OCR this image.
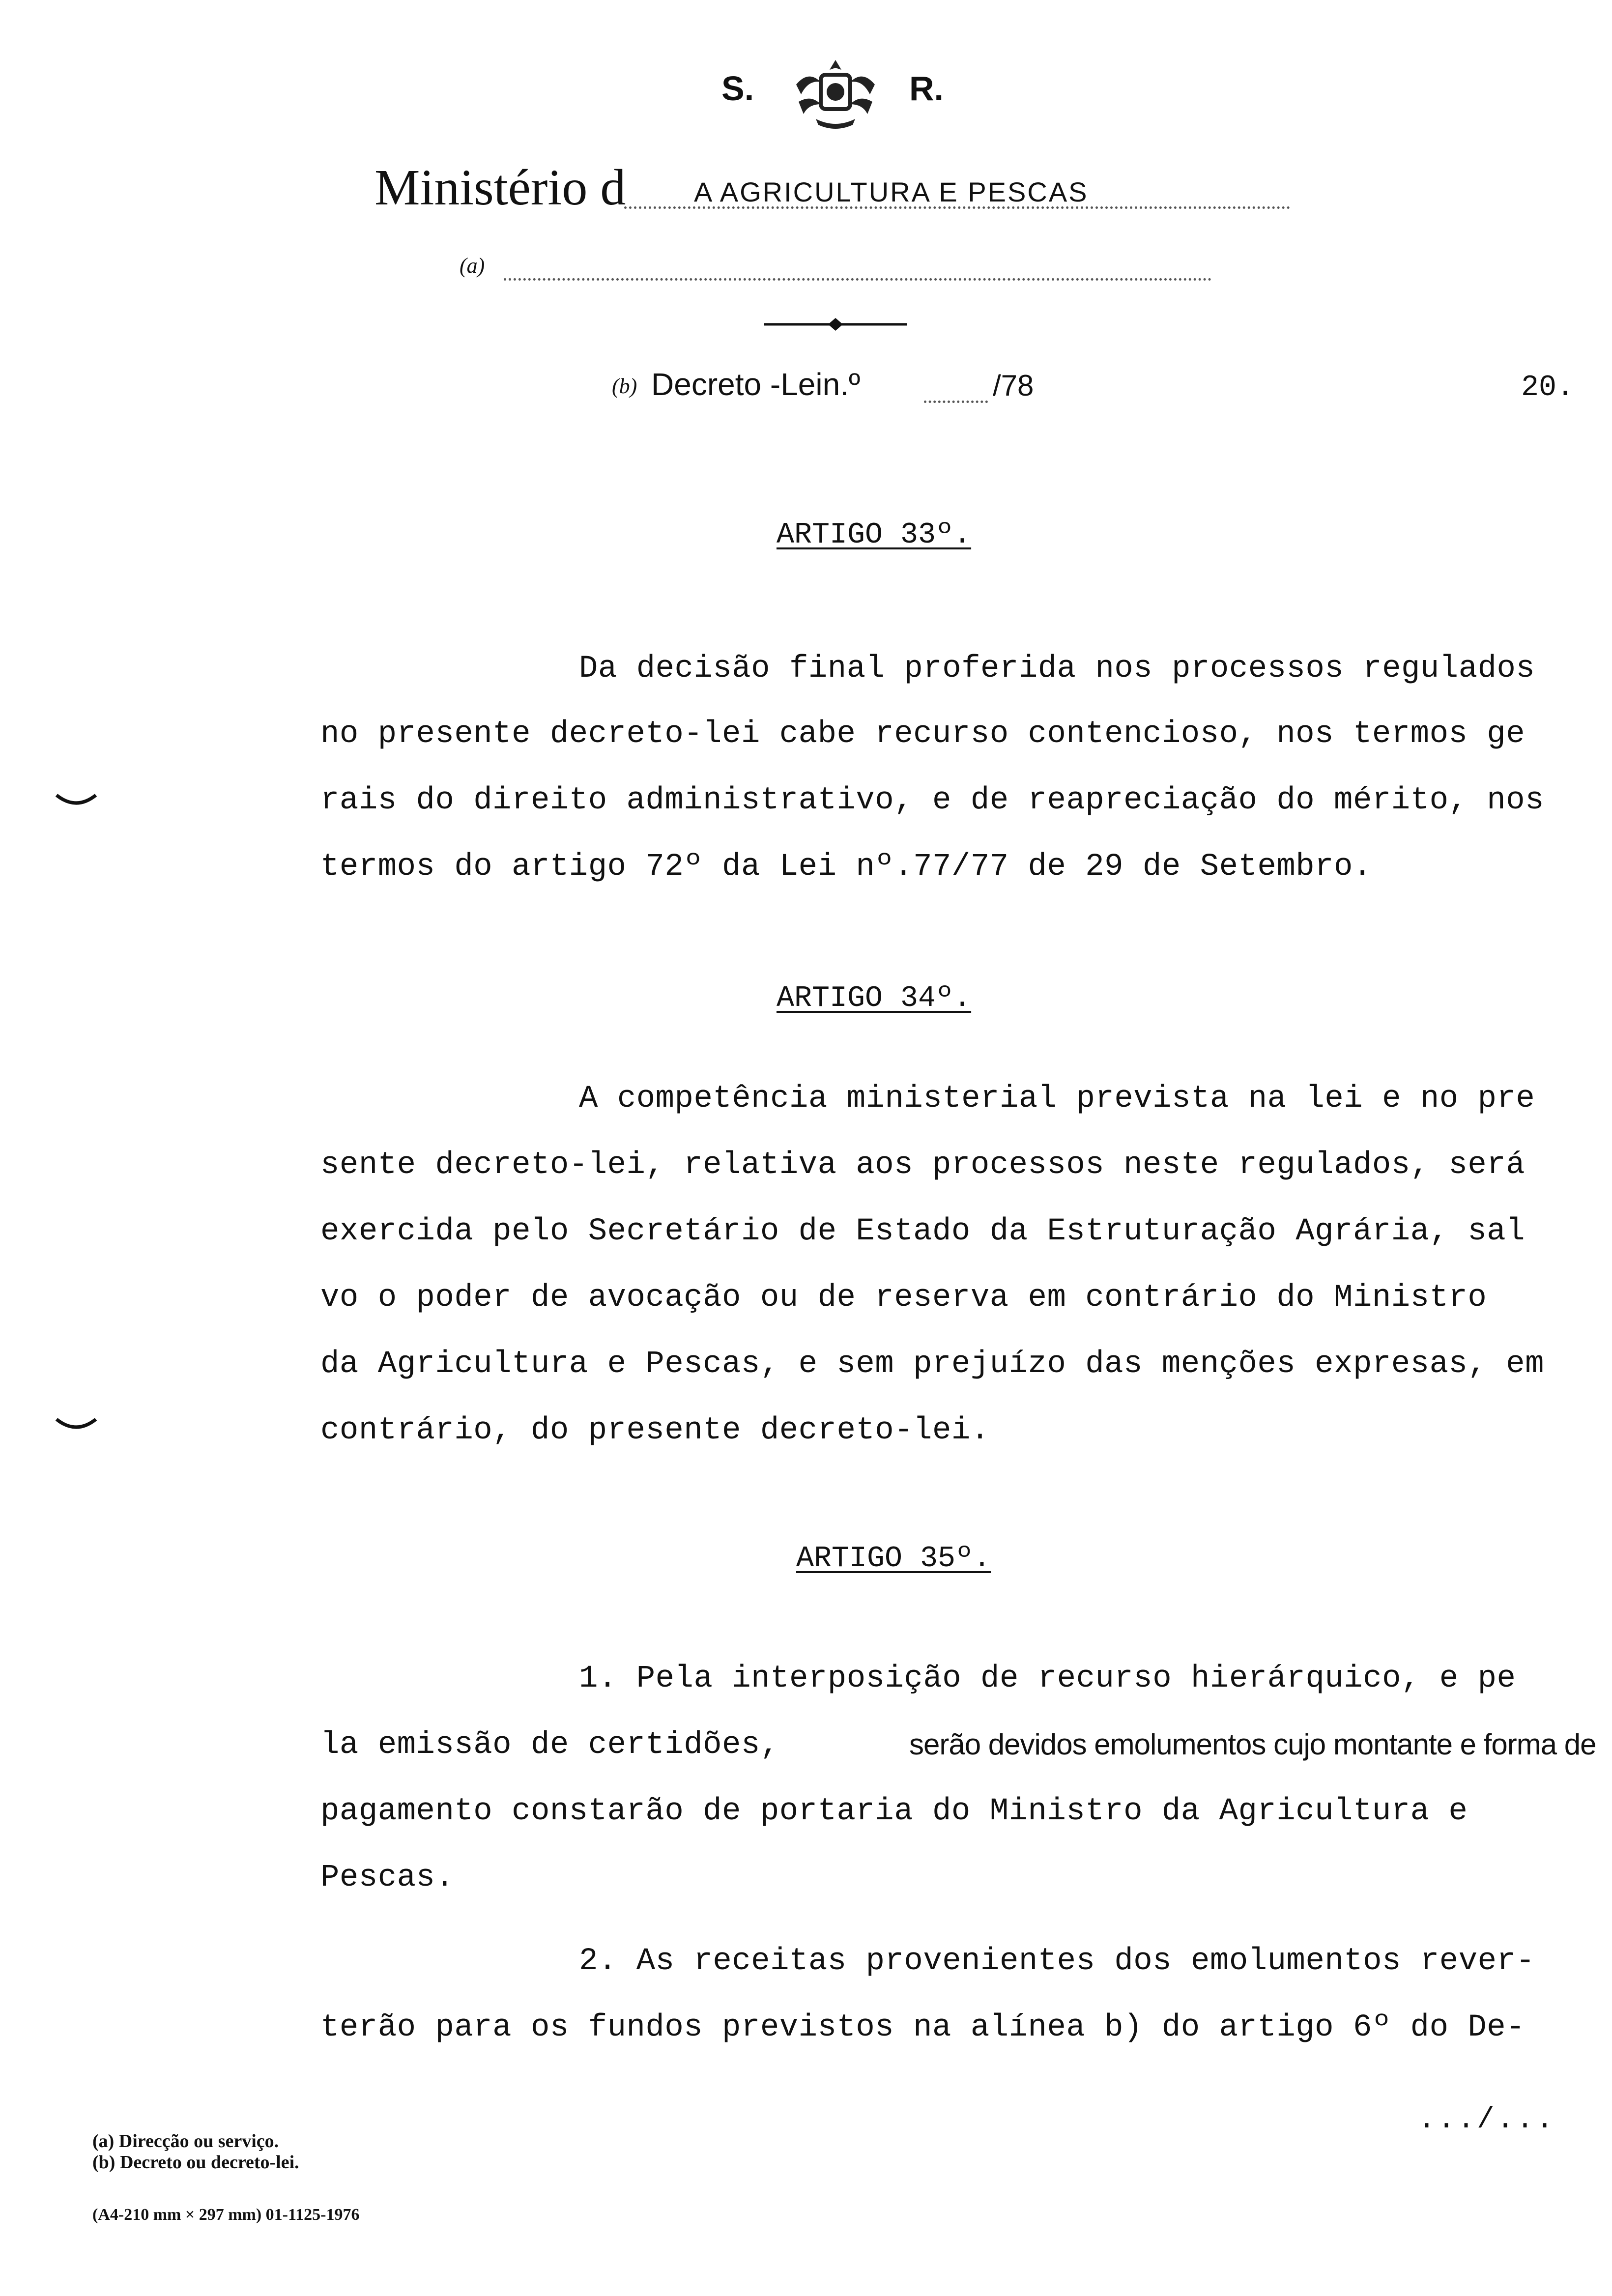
S.	R.
Ministério d A AGRICULTURA E PESCAS
(a)
(b) Decreto -Lein.º	/78	20.
ARTIGO 33º.
Da decisão final proferida nos processos regulados
no presente decreto-lei cabe recurso contencioso, nos termos ge
rais do direito administrativo, e de reapreciação do mérito, nos
termos do artigo 72º da Lei nº.77/77 de 29 de Setembro.
ARTIGO 34º.
A competência ministerial prevista na lei e no pre
sente decreto-lei, relativa aos processos neste regulados, será
exercida pelo Secretário de Estado da Estruturação Agrária, sal
vo o poder de avocação ou de reserva em contrário do Ministro
da Agricultura e Pescas, e sem prejuízo das menções expresas, em
contrário, do presente decreto-lei.
ARTIGO 35º.
1. Pela interposição de recurso hierárquico, e pe
la emissão de certidões,	serão devidos emolumentos cujo montante e forma de
pagamento constarão de portaria do Ministro da Agricultura e
Pescas.
2. As receitas provenientes dos emolumentos rever-
terão para os fundos previstos na alínea b) do artigo 6º do De-
.../...
(a) Direcção ou serviço.
(b) Decreto ou decreto-lei.
(A4-210 mm × 297 mm) 01-1125-1976
